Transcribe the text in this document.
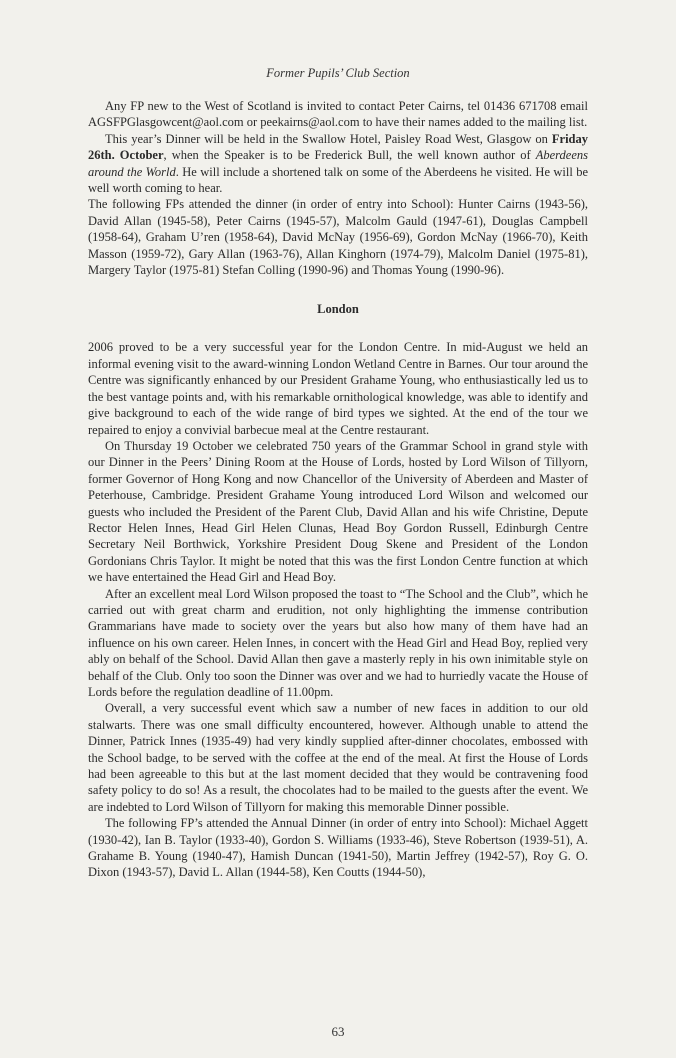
Former Pupils’ Club Section

Any FP new to the West of Scotland is invited to contact Peter Cairns, tel 01436 671708 email AGSFPGlasgowcent@aol.com or peekairns@aol.com to have their names added to the mailing list.

This year’s Dinner will be held in the Swallow Hotel, Paisley Road West, Glasgow on Friday 26th. October, when the Speaker is to be Frederick Bull, the well known author of Aberdeens around the World. He will include a shortened talk on some of the Aberdeens he visited. He will be well worth coming to hear.

The following FPs attended the dinner (in order of entry into School): Hunter Cairns (1943-56), David Allan (1945-58), Peter Cairns (1945-57), Malcolm Gauld (1947-61), Douglas Campbell (1958-64), Graham U’ren (1958-64), David McNay (1956-69), Gordon McNay (1966-70), Keith Masson (1959-72), Gary Allan (1963-76), Allan Kinghorn (1974-79), Malcolm Daniel (1975-81), Margery Taylor (1975-81) Stefan Colling (1990-96) and Thomas Young (1990-96).

London

2006 proved to be a very successful year for the London Centre. In mid-August we held an informal evening visit to the award-winning London Wetland Centre in Barnes. Our tour around the Centre was significantly enhanced by our President Grahame Young, who enthusiastically led us to the best vantage points and, with his remarkable ornithological knowledge, was able to identify and give background to each of the wide range of bird types we sighted. At the end of the tour we repaired to enjoy a convivial barbecue meal at the Centre restaurant.

On Thursday 19 October we celebrated 750 years of the Grammar School in grand style with our Dinner in the Peers’ Dining Room at the House of Lords, hosted by Lord Wilson of Tillyorn, former Governor of Hong Kong and now Chancellor of the University of Aberdeen and Master of Peterhouse, Cambridge. President Grahame Young introduced Lord Wilson and welcomed our guests who included the President of the Parent Club, David Allan and his wife Christine, Depute Rector Helen Innes, Head Girl Helen Clunas, Head Boy Gordon Russell, Edinburgh Centre Secretary Neil Borthwick, Yorkshire President Doug Skene and President of the London Gordonians Chris Taylor. It might be noted that this was the first London Centre function at which we have entertained the Head Girl and Head Boy.

After an excellent meal Lord Wilson proposed the toast to “The School and the Club”, which he carried out with great charm and erudition, not only highlighting the immense contribution Grammarians have made to society over the years but also how many of them have had an influence on his own career. Helen Innes, in concert with the Head Girl and Head Boy, replied very ably on behalf of the School. David Allan then gave a masterly reply in his own inimitable style on behalf of the Club. Only too soon the Dinner was over and we had to hurriedly vacate the House of Lords before the regulation deadline of 11.00pm.

Overall, a very successful event which saw a number of new faces in addition to our old stalwarts. There was one small difficulty encountered, however. Although unable to attend the Dinner, Patrick Innes (1935-49) had very kindly supplied after-dinner chocolates, embossed with the School badge, to be served with the coffee at the end of the meal. At first the House of Lords had been agreeable to this but at the last moment decided that they would be contravening food safety policy to do so! As a result, the chocolates had to be mailed to the guests after the event. We are indebted to Lord Wilson of Tillyorn for making this memorable Dinner possible.

The following FP’s attended the Annual Dinner (in order of entry into School): Michael Aggett (1930-42), Ian B. Taylor (1933-40), Gordon S. Williams (1933-46), Steve Robertson (1939-51), A. Grahame B. Young (1940-47), Hamish Duncan (1941-50), Martin Jeffrey (1942-57), Roy G. O. Dixon (1943-57), David L. Allan (1944-58), Ken Coutts (1944-50),

63
